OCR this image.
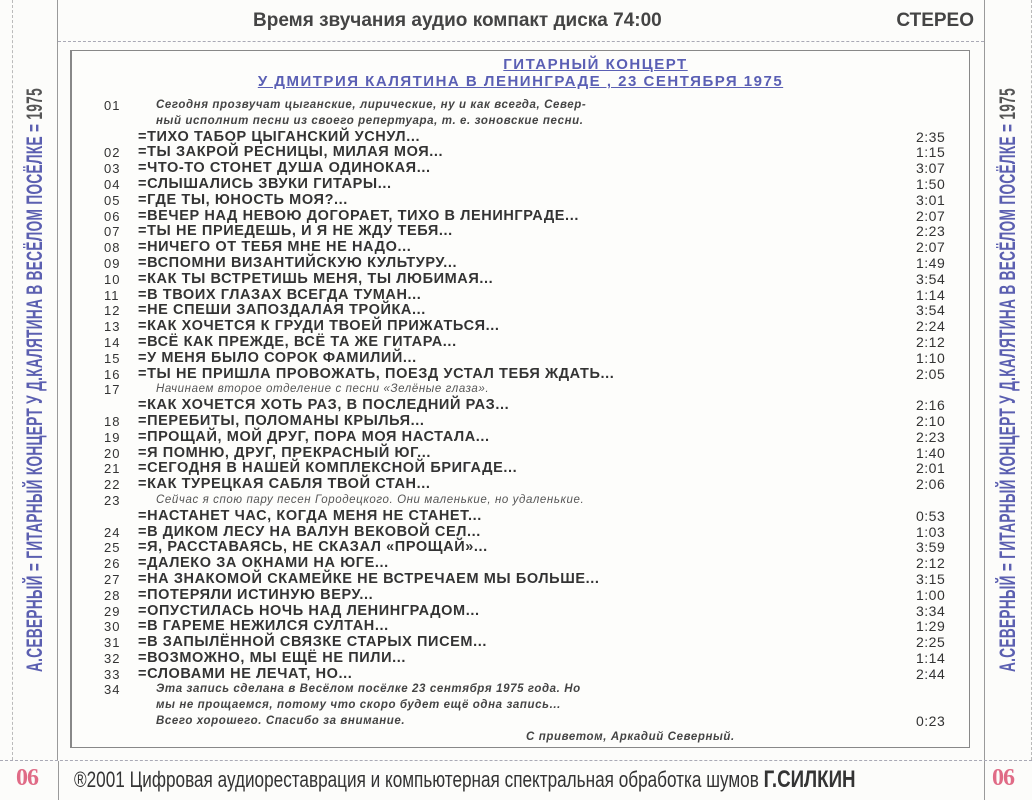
А.СЕВЕРНЫЙ = ГИТАРНЫЙ КОНЦЕРТ У Д.КАЛЯТИНА В ВЕСЁЛОМ ПОСЁЛКЕ = 1975
А.СЕВЕРНЫЙ = ГИТАРНЫЙ КОНЦЕРТ У Д.КАЛЯТИНА В ВЕСЁЛОМ ПОСЁЛКЕ = 1975
Время звучания аудио компакт диска 74:00	СТЕРЕО
ГИТАРНЫЙ КОНЦЕРТ
У ДМИТРИЯ КАЛЯТИНА В ЛЕНИНГРАДЕ , 23 СЕНТЯБРЯ 1975
01	Сегодня прозвучат цыганские, лирические, ну и как всегда, Север-
ный исполнит песни из своего репертуара, т. е. зоновские песни.
=ТИХО ТАБОР ЦЫГАНСКИЙ УСНУЛ...	2:35
02 =ТЫ ЗАКРОЙ РЕСНИЦЫ, МИЛАЯ МОЯ...	1:15
03 =ЧТО-ТО СТОНЕТ ДУША ОДИНОКАЯ...	3:07
04 =СЛЫШАЛИСЬ ЗВУКИ ГИТАРЫ...	1:50
05 =ГДЕ ТЫ, ЮНОСТЬ МОЯ?...	3:01
06 =ВЕЧЕР НАД НЕВОЮ ДОГОРАЕТ, ТИХО В ЛЕНИНГРАДЕ...	2:07
07 =ТЫ НЕ ПРИЕДЕШЬ, И Я НЕ ЖДУ ТЕБЯ...	2:23
08 =НИЧЕГО ОТ ТЕБЯ МНЕ НЕ НАДО...	2:07
09 =ВСПОМНИ ВИЗАНТИЙСКУЮ КУЛЬТУРУ...	1:49
10 =КАК ТЫ ВСТРЕТИШЬ МЕНЯ, ТЫ ЛЮБИМАЯ...	3:54
11 =В ТВОИХ ГЛАЗАХ ВСЕГДА ТУМАН...	1:14
12 =НЕ СПЕШИ ЗАПОЗДАЛАЯ ТРОЙКА...	3:54
13 =КАК ХОЧЕТСЯ К ГРУДИ ТВОЕЙ ПРИЖАТЬСЯ...	2:24
14 =ВСЁ КАК ПРЕЖДЕ, ВСЁ ТА ЖЕ ГИТАРА...	2:12
15 =У МЕНЯ БЫЛО СОРОК ФАМИЛИЙ...	1:10
16 =ТЫ НЕ ПРИШЛА ПРОВОЖАТЬ, ПОЕЗД УСТАЛ ТЕБЯ ЖДАТЬ...	2:05
17	Начинаем второе отделение с песни «Зелёные глаза».
=КАК ХОЧЕТСЯ ХОТЬ РАЗ, В ПОСЛЕДНИЙ РАЗ...	2:16
18 =ПЕРЕБИТЫ, ПОЛОМАНЫ КРЫЛЬЯ...	2:10
19 =ПРОЩАЙ, МОЙ ДРУГ, ПОРА МОЯ НАСТАЛА...	2:23
20 =Я ПОМНЮ, ДРУГ, ПРЕКРАСНЫЙ ЮГ...	1:40
21 =СЕГОДНЯ В НАШЕЙ КОМПЛЕКСНОЙ БРИГАДЕ...	2:01
22 =КАК ТУРЕЦКАЯ САБЛЯ ТВОЙ СТАН...	2:06
23	Сейчас я спою пару песен Городецкого. Они маленькие, но удаленькие.
=НАСТАНЕТ ЧАС, КОГДА МЕНЯ НЕ СТАНЕТ...	0:53
24 =В ДИКОМ ЛЕСУ НА ВАЛУН ВЕКОВОЙ СЕЛ...	1:03
25 =Я, РАССТАВАЯСЬ, НЕ СКАЗАЛ «ПРОЩАЙ»...	3:59
26 =ДАЛЕКО ЗА ОКНАМИ НА ЮГЕ...	2:12
27 =НА ЗНАКОМОЙ СКАМЕЙКЕ НЕ ВСТРЕЧАЕМ МЫ БОЛЬШЕ...	3:15
28 =ПОТЕРЯЛИ ИСТИНУЮ ВЕРУ...	1:00
29 =ОПУСТИЛАСЬ НОЧЬ НАД ЛЕНИНГРАДОМ...	3:34
30 =В ГАРЕМЕ НЕЖИЛСЯ СУЛТАН...	1:29
31 =В ЗАПЫЛЁННОЙ СВЯЗКЕ СТАРЫХ ПИСЕМ...	2:25
32 =ВОЗМОЖНО, МЫ ЕЩЁ НЕ ПИЛИ...	1:14
33 =СЛОВАМИ НЕ ЛЕЧАТ, НО...	2:44
34	Эта запись сделана в Весёлом посёлке 23 сентября 1975 года. Но
мы не прощаемся, потому что скоро будет ещё одна запись...
Всего хорошего. Спасибо за внимание.	0:23
С приветом, Аркадий Северный.
06 ®2001 Цифровая аудиореставрация и компьютерная спектральная обработка шумов Г.СИЛКИН	06
